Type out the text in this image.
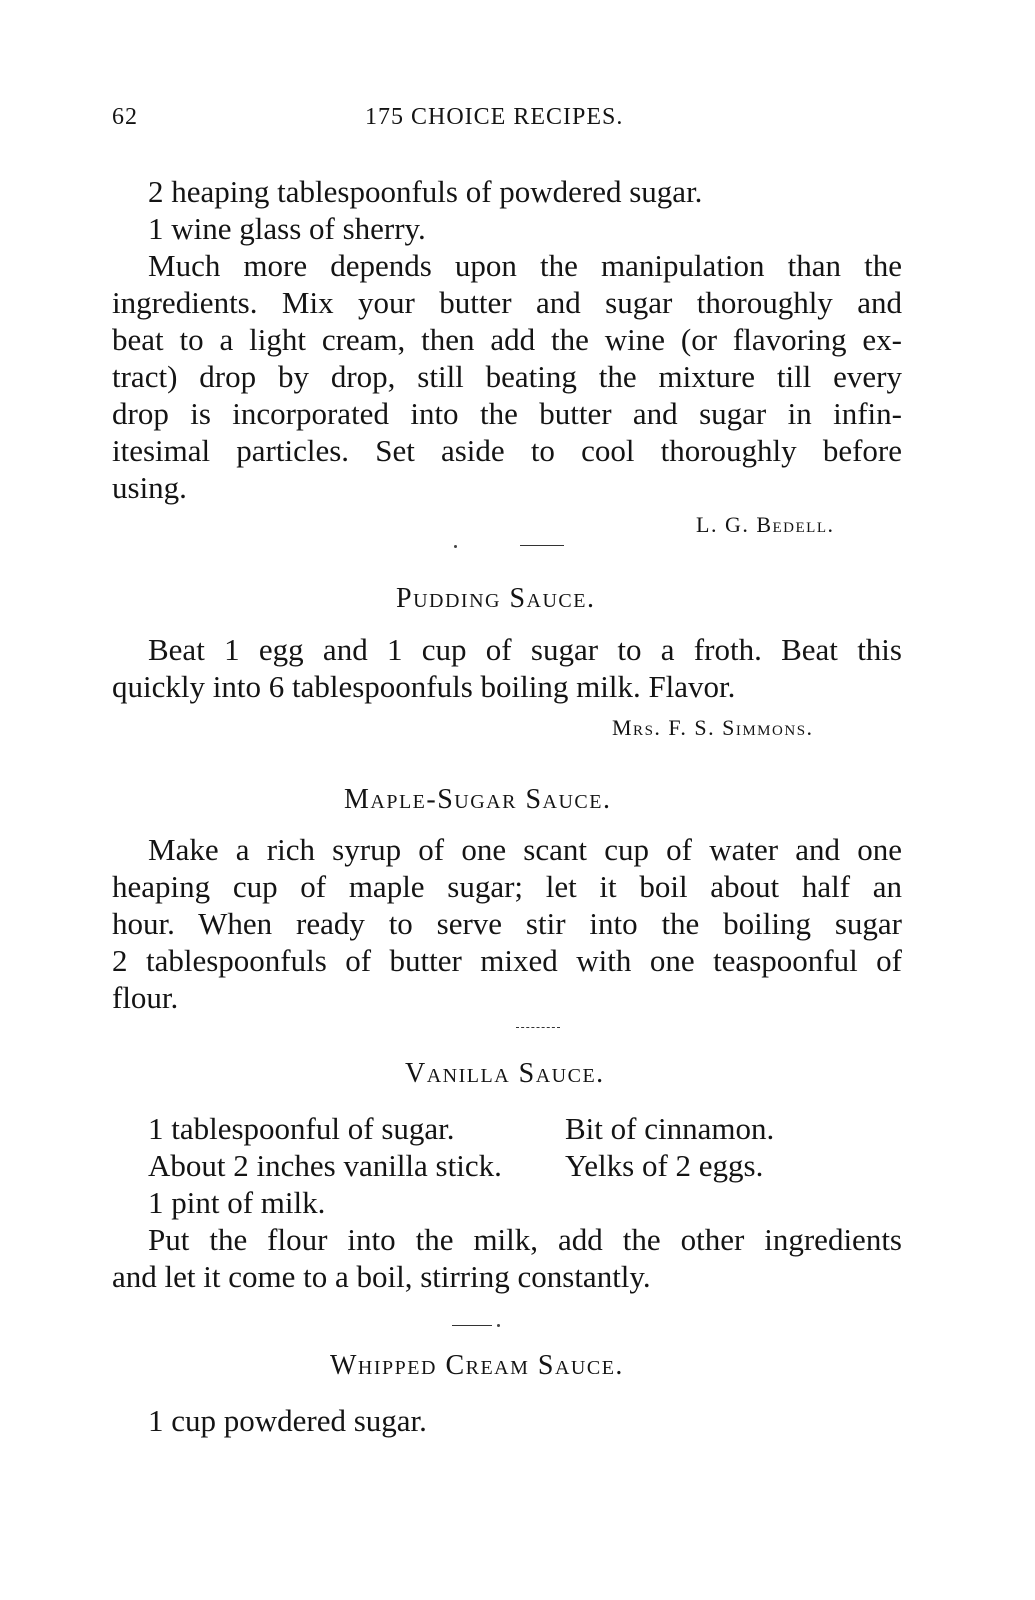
62	175 CHOICE RECIPES.
2 heaping tablespoonfuls of powdered sugar.
1 wine glass of sherry.
Much more depends upon the manipulation than the
ingredients. Mix your butter and sugar thoroughly and
beat to a light cream, then add the wine (or flavoring ex-
tract) drop by drop, still beating the mixture till every
drop is incorporated into the butter and sugar in infin-
itesimal particles. Set aside to cool thoroughly before
using.
L. G. Bedell.
Pudding Sauce.
Beat 1 egg and 1 cup of sugar to a froth. Beat this
quickly into 6 tablespoonfuls boiling milk. Flavor.
Mrs. F. S. Simmons.
Maple-Sugar Sauce.
Make a rich syrup of one scant cup of water and one
heaping cup of maple sugar; let it boil about half an
hour. When ready to serve stir into the boiling sugar
2 tablespoonfuls of butter mixed with one teaspoonful of
flour.
Vanilla Sauce.
1 tablespoonful of sugar.	Bit of cinnamon.
About 2 inches vanilla stick. Yelks of 2 eggs.
1 pint of milk.
Put the flour into the milk, add the other ingredients
and let it come to a boil, stirring constantly.
Whipped Cream Sauce.
1 cup powdered sugar.
